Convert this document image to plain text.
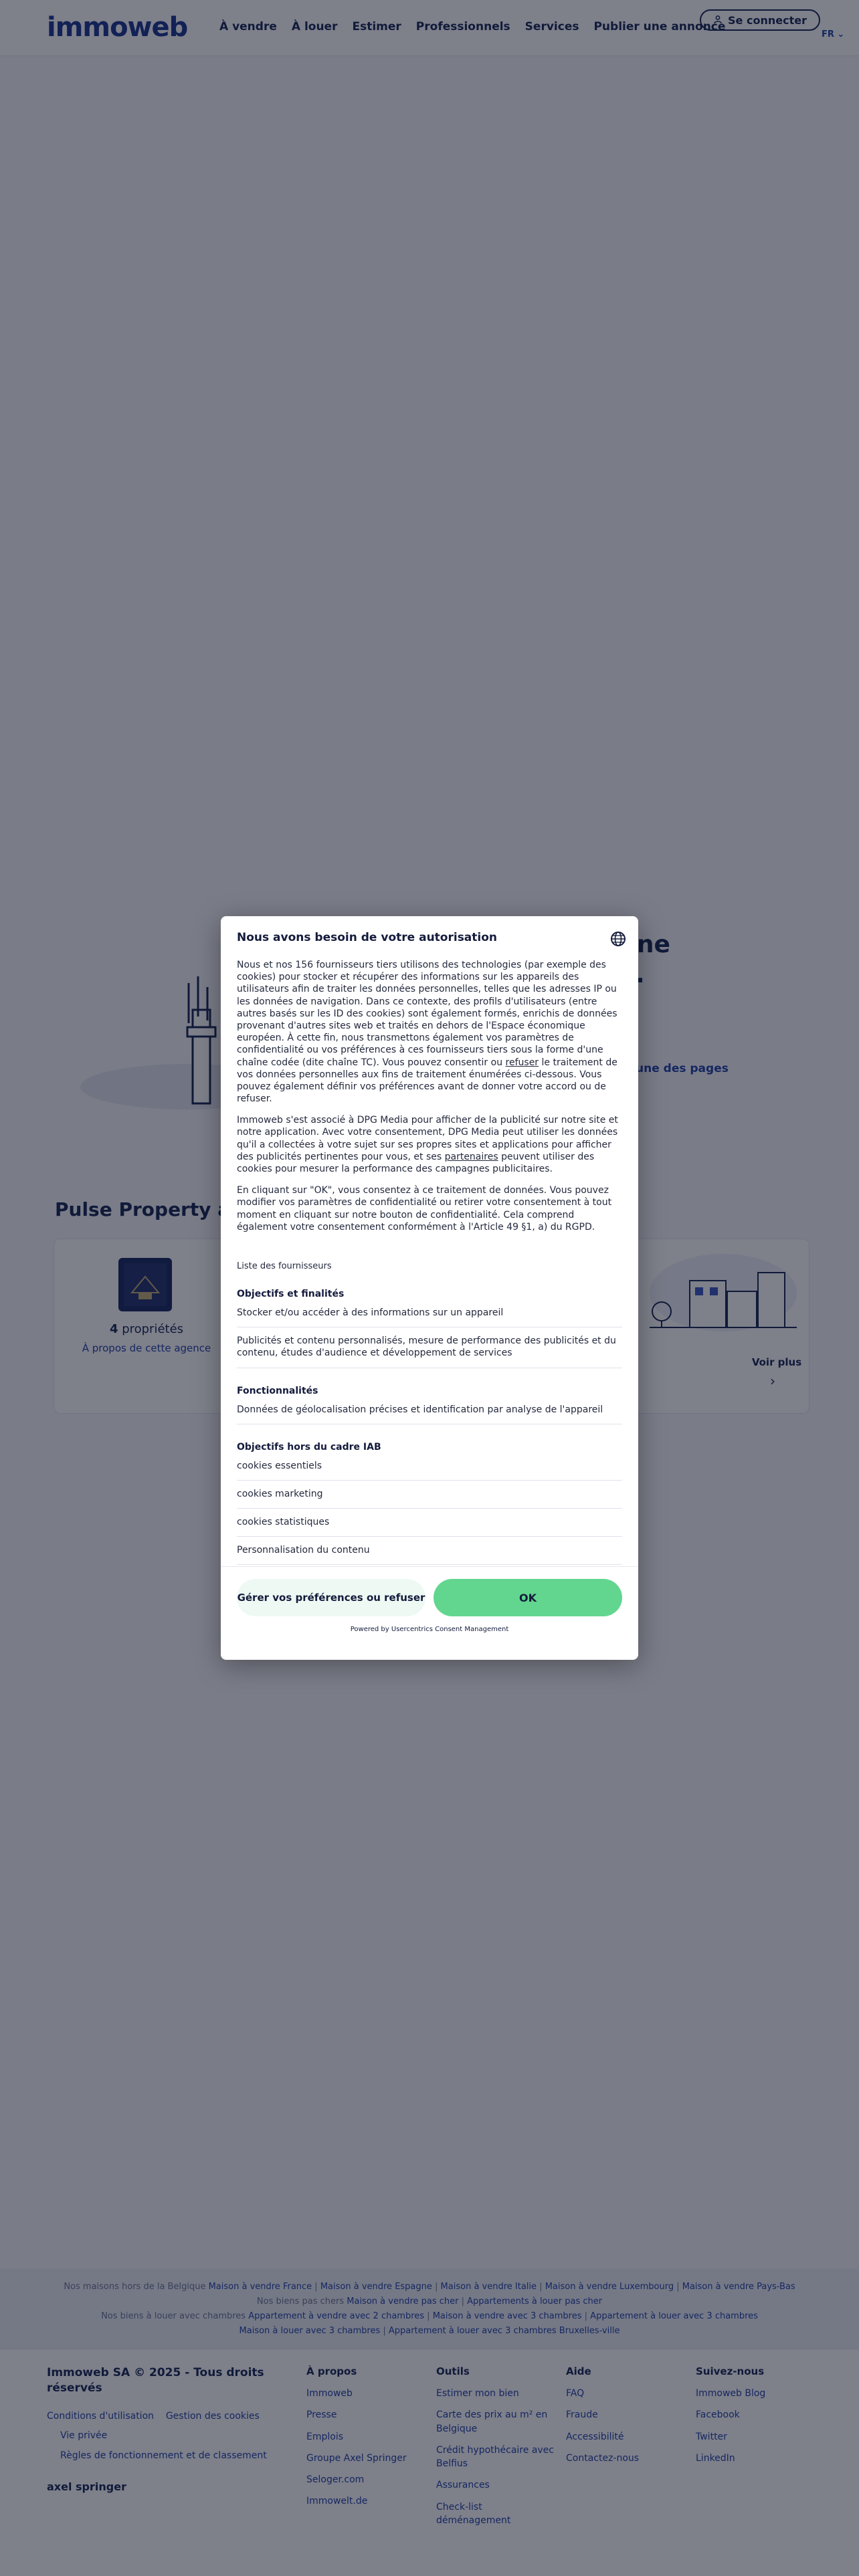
Nous avons besoin de votre autorisation

Nous et nos 156 fournisseurs tiers utilisons des technologies (par exemple des cookies) pour stocker et récupérer des informations sur les appareils des utilisateurs afin de traiter les données personnelles, telles que les adresses IP ou les données de navigation. Dans ce contexte, des profils d'utilisateurs (entre autres basés sur les ID des cookies) sont également formés, enrichis de données provenant d'autres sites web et traités en dehors de l'Espace économique européen. À cette fin, nous transmettons également vos paramètres de confidentialité ou vos préférences à ces fournisseurs tiers sous la forme d'une chaîne codée (dite chaîne TC). Vous pouvez consentir ou refuser le traitement de vos données personnelles aux fins de traitement énumérées ci-dessous. Vous pouvez également définir vos préférences avant de donner votre accord ou de refuser.

Immoweb s'est associé à DPG Media pour afficher de la publicité sur notre site et notre application. Avec votre consentement, DPG Media peut utiliser les données qu'il a collectées à votre sujet sur ses propres sites et applications pour afficher des publicités pertinentes pour vous, et ses partenaires peuvent utiliser des cookies pour mesurer la performance des campagnes publicitaires.

En cliquant sur "OK", vous consentez à ce traitement de données. Vous pouvez modifier vos paramètres de confidentialité ou retirer votre consentement à tout moment en cliquant sur notre bouton de confidentialité. Cela comprend également votre consentement conformément à l'Article 49 §1, a) du RGPD.

Liste des fournisseurs
Objectifs et finalités
Stocker et/ou accéder à des informations sur un appareil
Publicités et contenu personnalisés, mesure de performance des publicités et du contenu, études d'audience et développement de services
Fonctionnalités
Données de géolocalisation précises et identification par analyse de l'appareil
Objectifs hors du cadre IAB
cookies essentiels
cookies marketing
cookies statistiques
Personnalisation du contenu
Gérer vos préférences ou refuser	OK
Powered by Usercentrics Consent Management
